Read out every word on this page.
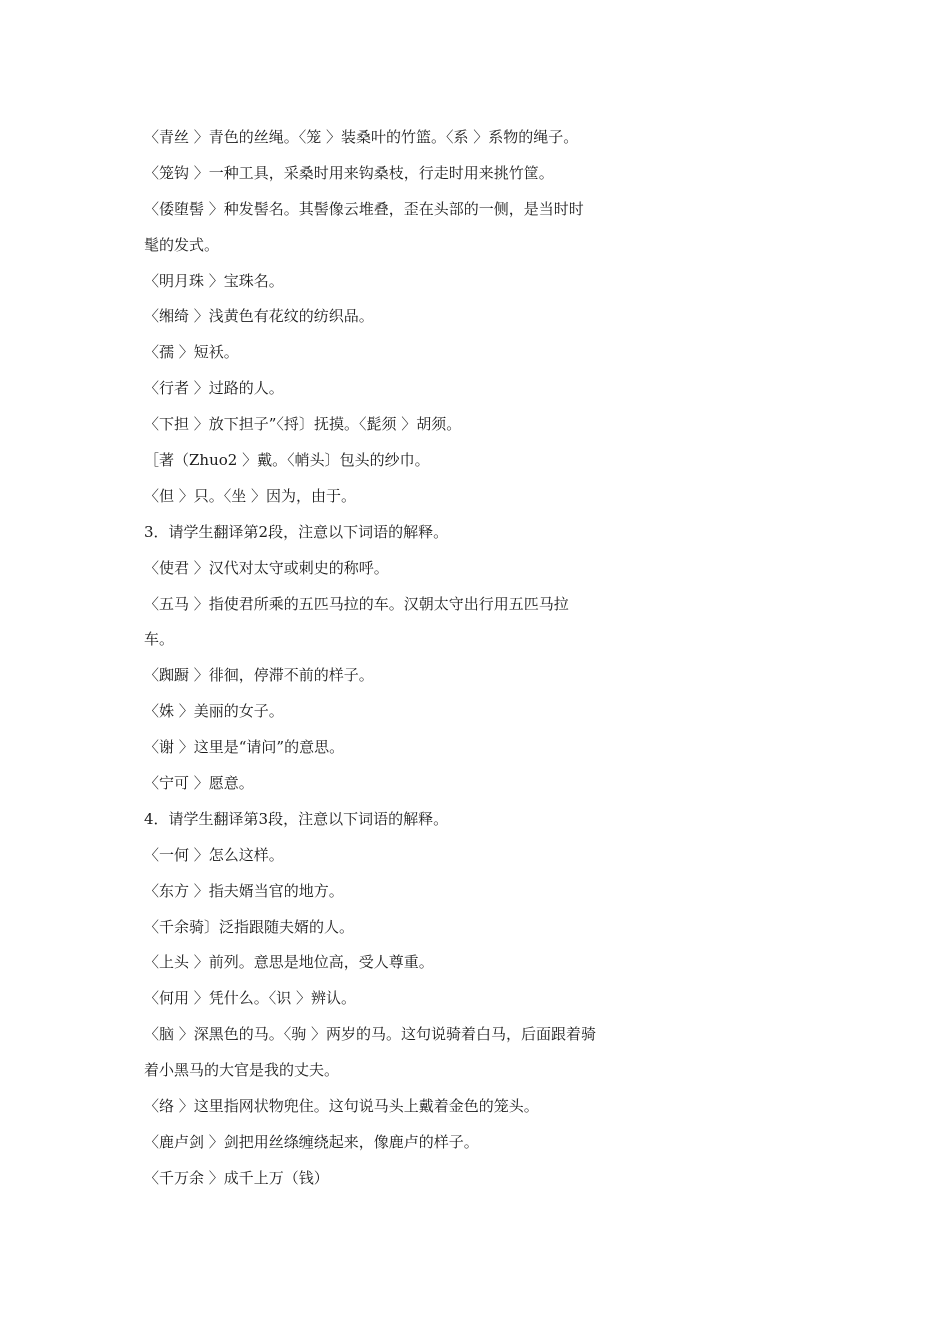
〈青丝 〉青色的丝绳。〈笼 〉装桑叶的竹篮。〈系 〉系物的绳子。
〈笼钩 〉一种工具，采桑时用来钩桑枝，行走时用来挑竹筐。
〈倭堕髻 〉种发髻名。其髻像云堆叠，歪在头部的一侧，是当时时
髦的发式。
〈明月珠 〉宝珠名。
〈缃绮 〉浅黄色有花纹的纺织品。
〈孺 〉短袄。
〈行者 〉过路的人。
〈下担 〉放下担子”〈捋〕抚摸。〈髭须 〉胡须。
［著（Zhuo2 〉戴。〈帩头〕包头的纱巾。
〈但 〉只。〈坐 〉因为，由于。
3．请学生翻译第2段，注意以下词语的解释。
〈使君 〉汉代对太守或刺史的称呼。
〈五马 〉指使君所乘的五匹马拉的车。汉朝太守出行用五匹马拉
车。
〈踟蹰 〉徘徊，停滞不前的样子。
〈姝 〉美丽的女子。
〈谢 〉这里是“请问”的意思。
〈宁可 〉愿意。
4．请学生翻译第3段，注意以下词语的解释。
〈一何 〉怎么这样。
〈东方 〉指夫婿当官的地方。
〈千余骑〕泛指跟随夫婿的人。
〈上头 〉前列。意思是地位高，受人尊重。
〈何用 〉凭什么。〈识 〉辨认。
〈脑 〉深黑色的马。〈驹 〉两岁的马。这句说骑着白马，后面跟着骑
着小黑马的大官是我的丈夫。
〈络 〉这里指网状物兜住。这句说马头上戴着金色的笼头。
〈鹿卢剑 〉剑把用丝绦缠绕起来，像鹿卢的样子。
〈千万余 〉成千上万（钱）
